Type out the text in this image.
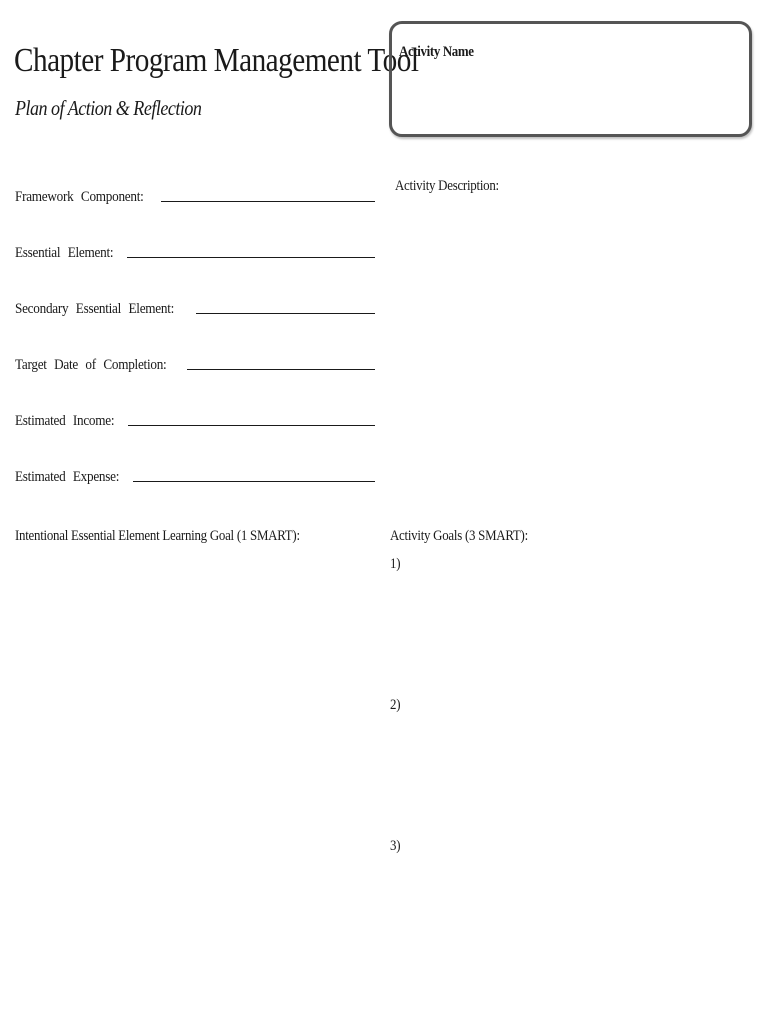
Chapter Program Management Tool
Plan of Action & Reflection
Activity Name
Framework Component:
Essential Element:
Secondary Essential Element:
Target Date of Completion:
Estimated Income:
Estimated Expense:
Activity Description:
Intentional Essential Element Learning Goal (1 SMART):	Activity Goals (3 SMART):
1)
2)
3)
